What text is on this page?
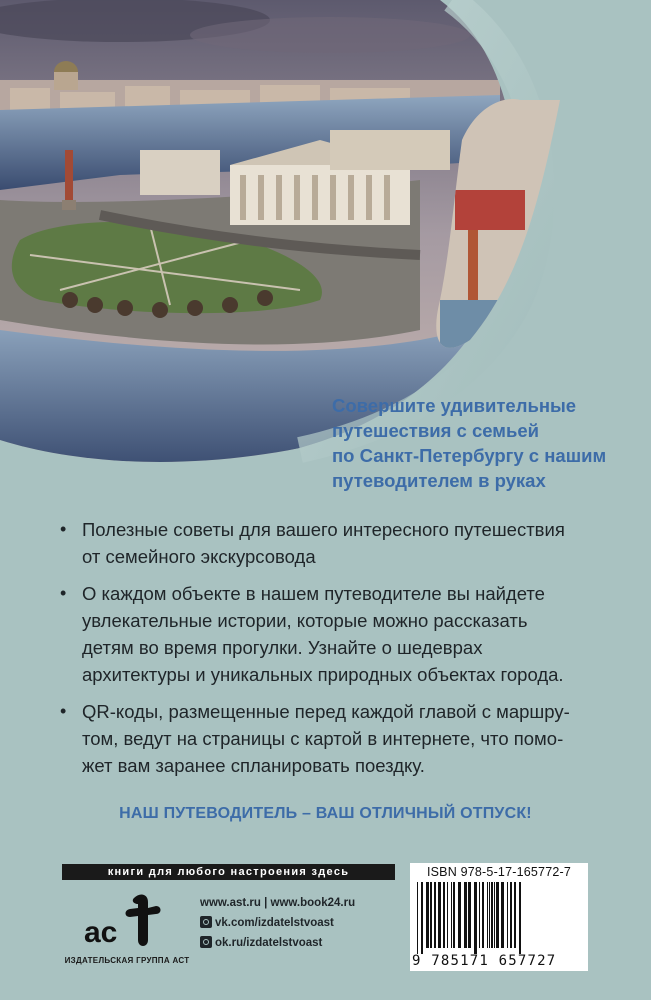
Совершите удивительные
путешествия с семьей
по Санкт-Петербургу с нашим
путеводителем в руках
• Полезные советы для вашего интересного путешествия
от семейного экскурсовода
• О каждом объекте в нашем путеводителе вы найдете
увлекательные истории, которые можно рассказать
детям во время прогулки. Узнайте о шедеврах
архитектуры и уникальных природных объектах города.
• QR-коды, размещенные перед каждой главой с маршру-
том, ведут на страницы с картой в интернете, что помо-
жет вам заранее спланировать поездку.
НАШ ПУТЕВОДИТЕЛЬ – ВАШ ОТЛИЧНЫЙ ОТПУСК!
книги для любого настроения здесь
ac
ИЗДАТЕЛЬСКАЯ ГРУППА АСТ
www.ast.ru | www.book24.ru
vk.com/izdatelstvoast
ok.ru/izdatelstvoast
ISBN 978-5-17-165772-7
9 785171 657727
